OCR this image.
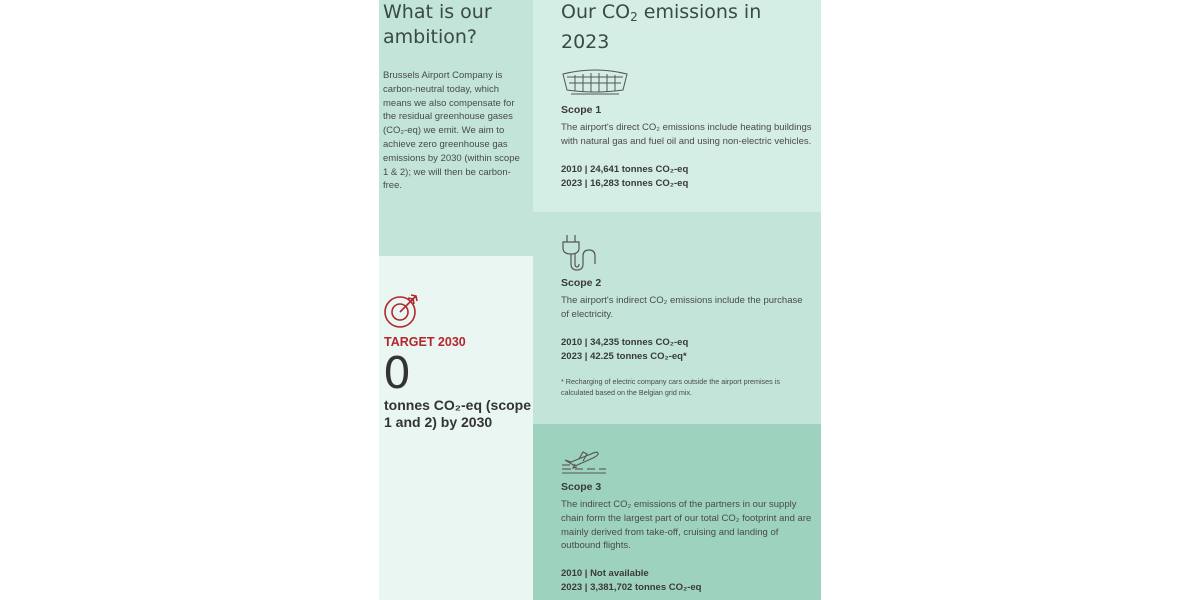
What is our ambition?

Brussels Airport Company is carbon-neutral today, which means we also compensate for the residual greenhouse gases (CO₂-eq) we emit. We aim to achieve zero greenhouse gas emissions by 2030 (within scope 1 & 2); we will then be carbon-free.

TARGET 2030
0
tonnes CO₂-eq (scope 1 and 2) by 2030
Our $CO_2$ emissions in 2023
Scope 1
The airport's direct CO₂ emissions include heating buildings with natural gas and fuel oil and using non-electric vehicles.
2010 | 24,641 tonnes CO₂-eq
2023 | 16,283 tonnes CO₂-eq
Scope 2
The airport's indirect CO₂ emissions include the purchase of electricity.
2010 | 34,235 tonnes CO₂-eq
2023 | 42.25 tonnes CO₂-eq*
* Recharging of electric company cars outside the airport premises is calculated based on the Belgian grid mix.
Scope 3
The indirect CO₂ emissions of the partners in our supply chain form the largest part of our total CO₂ footprint and are mainly derived from take-off, cruising and landing of outbound flights.
2010 | Not available
2023 | 3,381,702 tonnes CO₂-eq
